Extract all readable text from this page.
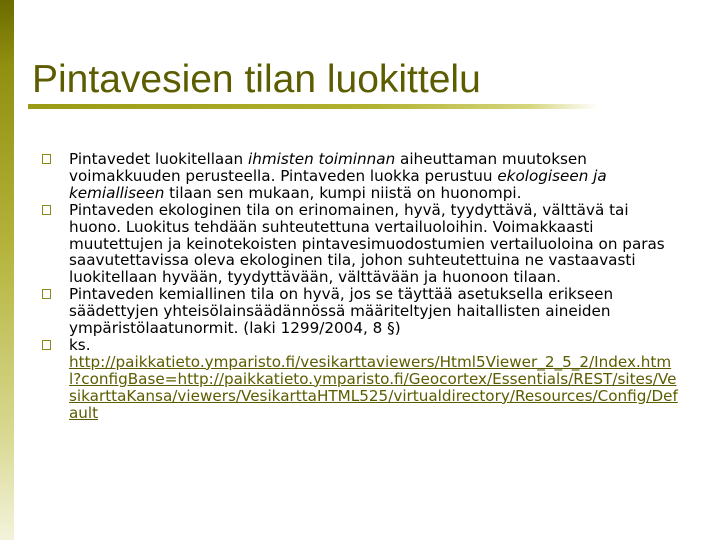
Pintavesien tilan luokittelu
Pintavedet luokitellaan ihmisten toiminnan aiheuttaman muutoksen voimakkuuden perusteella. Pintaveden luokka perustuu ekologiseen ja kemialliseen tilaan sen mukaan, kumpi niistä on huonompi.
Pintaveden ekologinen tila on erinomainen, hyvä, tyydyttävä, välttävä tai huono. Luokitus tehdään suhteutettuna vertailuoloihin. Voimakkaasti muutettujen ja keinotekoisten pintavesimuodostumien vertailuoloina on paras saavutettavissa oleva ekologinen tila, johon suhteutettuina ne vastaavasti luokitellaan hyvään, tyydyttävään, välttävään ja huonoon tilaan.
Pintaveden kemiallinen tila on hyvä, jos se täyttää asetuksella erikseen säädettyjen yhteisölainsäädännössä määriteltyjen haitallisten aineiden ympäristölaatunormit. (laki 1299/2004, 8 §)
ks.
http://paikkatieto.ymparisto.fi/vesikarttaviewers/Html5Viewer_2_5_2/Index.html?configBase=http://paikkatieto.ymparisto.fi/Geocortex/Essentials/REST/sites/VesikarttaKansa/viewers/VesikarttaHTML525/virtualdirectory/Resources/Config/Default
